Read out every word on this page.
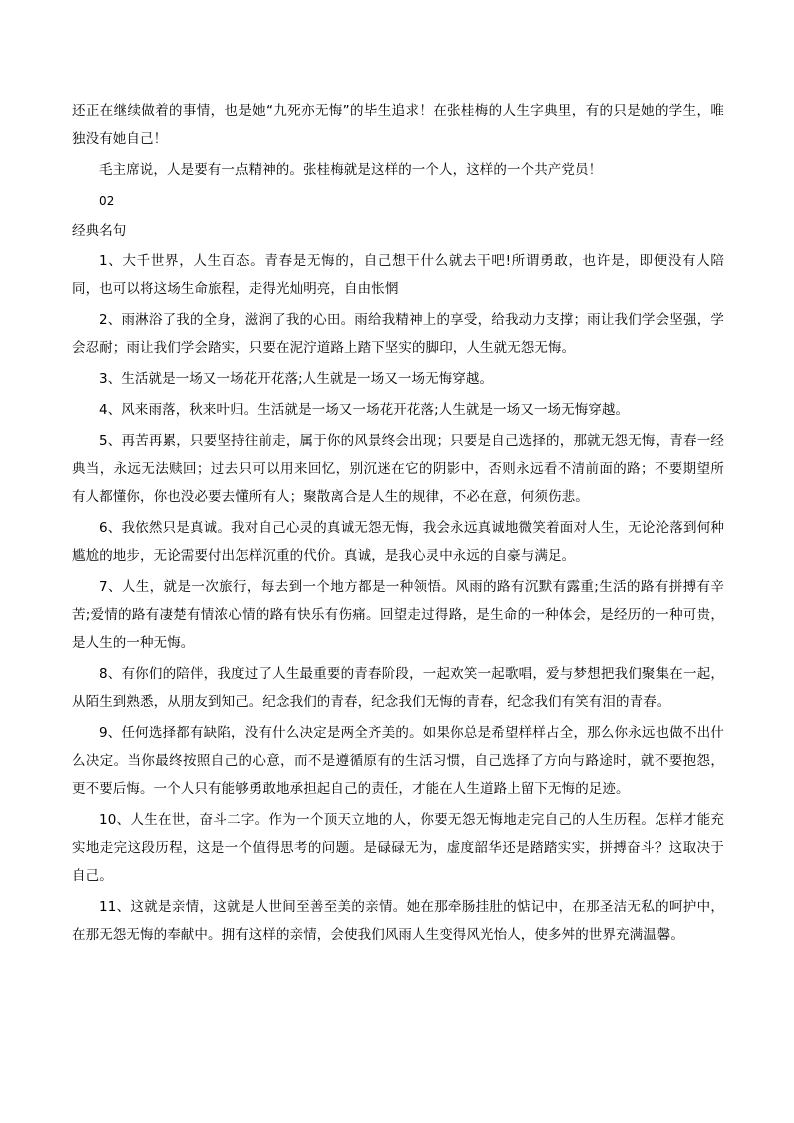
还正在继续做着的事情，也是她“九死亦无悔”的毕生追求！在张桂梅的人生字典里，有的只是她的学生，唯独没有她自己！

毛主席说，人是要有一点精神的。张桂梅就是这样的一个人，这样的一个共产党员！

02

经典名句

1、大千世界，人生百态。青春是无悔的，自己想干什么就去干吧!所谓勇敢，也许是，即便没有人陪同，也可以将这场生命旅程，走得光灿明亮，自由怅惘

2、雨淋浴了我的全身，滋润了我的心田。雨给我精神上的享受，给我动力支撑；雨让我们学会坚强，学会忍耐；雨让我们学会踏实，只要在泥泞道路上踏下坚实的脚印，人生就无怨无悔。

3、生活就是一场又一场花开花落;人生就是一场又一场无悔穿越。

4、风来雨落，秋来叶归。生活就是一场又一场花开花落;人生就是一场又一场无悔穿越。

5、再苦再累，只要坚持往前走，属于你的风景终会出现；只要是自己选择的，那就无怨无悔，青春一经典当，永远无法赎回；过去只可以用来回忆，别沉迷在它的阴影中，否则永远看不清前面的路；不要期望所有人都懂你，你也没必要去懂所有人；聚散离合是人生的规律，不必在意，何须伤悲。

6、我依然只是真诚。我对自己心灵的真诚无怨无悔，我会永远真诚地微笑着面对人生，无论沦落到何种尴尬的地步，无论需要付出怎样沉重的代价。真诚，是我心灵中永远的自豪与满足。

7、人生，就是一次旅行，每去到一个地方都是一种领悟。风雨的路有沉默有露重;生活的路有拼搏有辛苦;爱情的路有凄楚有情浓心情的路有快乐有伤痛。回望走过得路，是生命的一种体会，是经历的一种可贵，是人生的一种无悔。

8、有你们的陪伴，我度过了人生最重要的青春阶段，一起欢笑一起歌唱，爱与梦想把我们聚集在一起，从陌生到熟悉，从朋友到知己。纪念我们的青春，纪念我们无悔的青春，纪念我们有笑有泪的青春。

9、任何选择都有缺陷，没有什么决定是两全齐美的。如果你总是希望样样占全，那么你永远也做不出什么决定。当你最终按照自己的心意，而不是遵循原有的生活习惯，自己选择了方向与路途时，就不要抱怨，更不要后悔。一个人只有能够勇敢地承担起自己的责任，才能在人生道路上留下无悔的足迹。

10、人生在世，奋斗二字。作为一个顶天立地的人，你要无怨无悔地走完自己的人生历程。怎样才能充实地走完这段历程，这是一个值得思考的问题。是碌碌无为，虚度韶华还是踏踏实实，拼搏奋斗？这取决于自己。

11、这就是亲情，这就是人世间至善至美的亲情。她在那牵肠挂肚的惦记中，在那圣洁无私的呵护中，在那无怨无悔的奉献中。拥有这样的亲情，会使我们风雨人生变得风光怡人，使多舛的世界充满温馨。
